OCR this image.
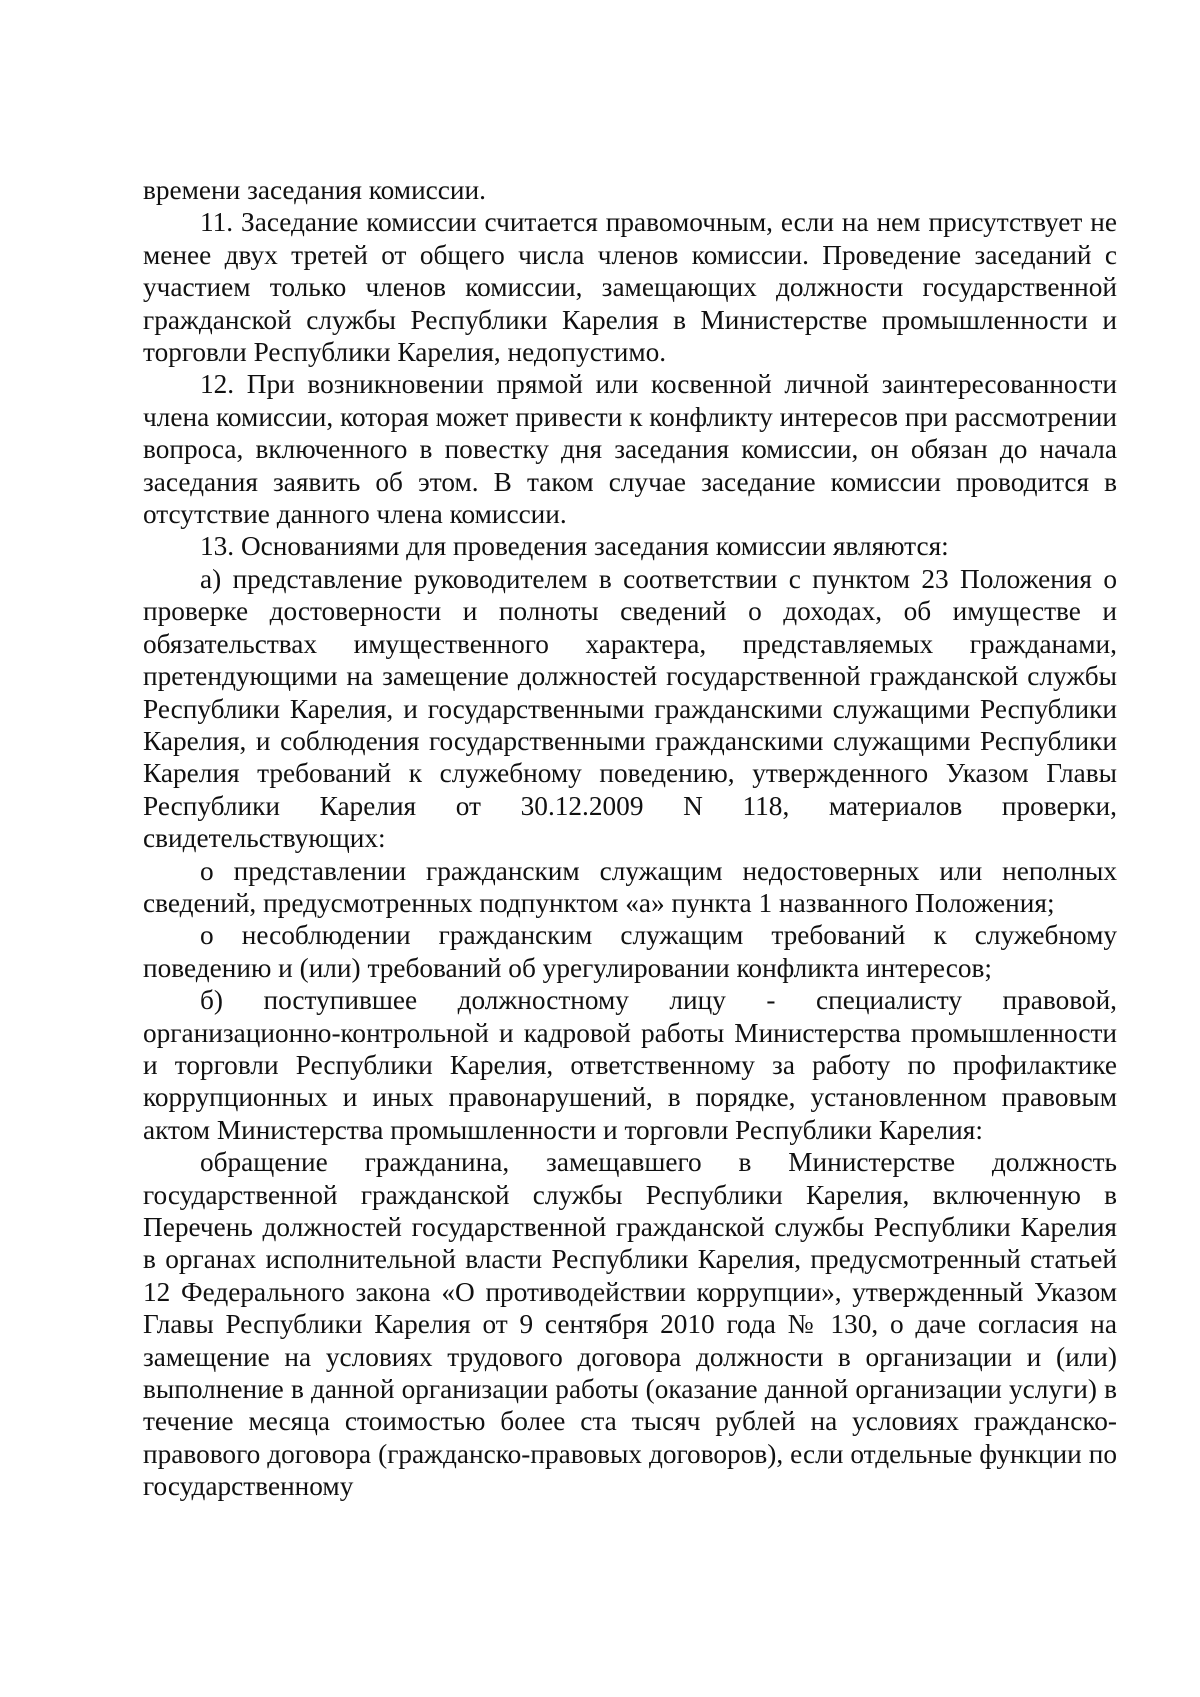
времени заседания комиссии.

11. Заседание комиссии считается правомочным, если на нем присутствует не менее двух третей от общего числа членов комиссии. Проведение заседаний с участием только членов комиссии, замещающих должности государственной гражданской службы Республики Карелия в Министерстве промышленности и торговли Республики Карелия, недопустимо.

12. При возникновении прямой или косвенной личной заинтересованности члена комиссии, которая может привести к конфликту интересов при рассмотрении вопроса, включенного в повестку дня заседания комиссии, он обязан до начала заседания заявить об этом. В таком случае заседание комиссии проводится в отсутствие данного члена комиссии.

13. Основаниями для проведения заседания комиссии являются:

а) представление руководителем в соответствии с пунктом 23 Положения о проверке достоверности и полноты сведений о доходах, об имуществе и обязательствах имущественного характера, представляемых гражданами, претендующими на замещение должностей государственной гражданской службы Республики Карелия, и государственными гражданскими служащими Республики Карелия, и соблюдения государственными гражданскими служащими Республики Карелия требований к служебному поведению, утвержденного Указом Главы Республики Карелия от 30.12.2009 N 118, материалов проверки, свидетельствующих:

о представлении гражданским служащим недостоверных или неполных сведений, предусмотренных подпунктом «а» пункта 1 названного Положения;

о несоблюдении гражданским служащим требований к служебному поведению и (или) требований об урегулировании конфликта интересов;

б) поступившее должностному лицу - специалисту правовой, организационно-контрольной и кадровой работы Министерства промышленности и торговли Республики Карелия, ответственному за работу по профилактике коррупционных и иных правонарушений, в порядке, установленном правовым актом Министерства промышленности и торговли Республики Карелия:

обращение гражданина, замещавшего в Министерстве должность государственной гражданской службы Республики Карелия, включенную в Перечень должностей государственной гражданской службы Республики Карелия в органах исполнительной власти Республики Карелия, предусмотренный статьей 12 Федерального закона «О противодействии коррупции», утвержденный Указом Главы Республики Карелия от 9 сентября 2010 года № 130, о даче согласия на замещение на условиях трудового договора должности в организации и (или) выполнение в данной организации работы (оказание данной организации услуги) в течение месяца стоимостью более ста тысяч рублей на условиях гражданско-правового договора (гражданско-правовых договоров), если отдельные функции по государственному
